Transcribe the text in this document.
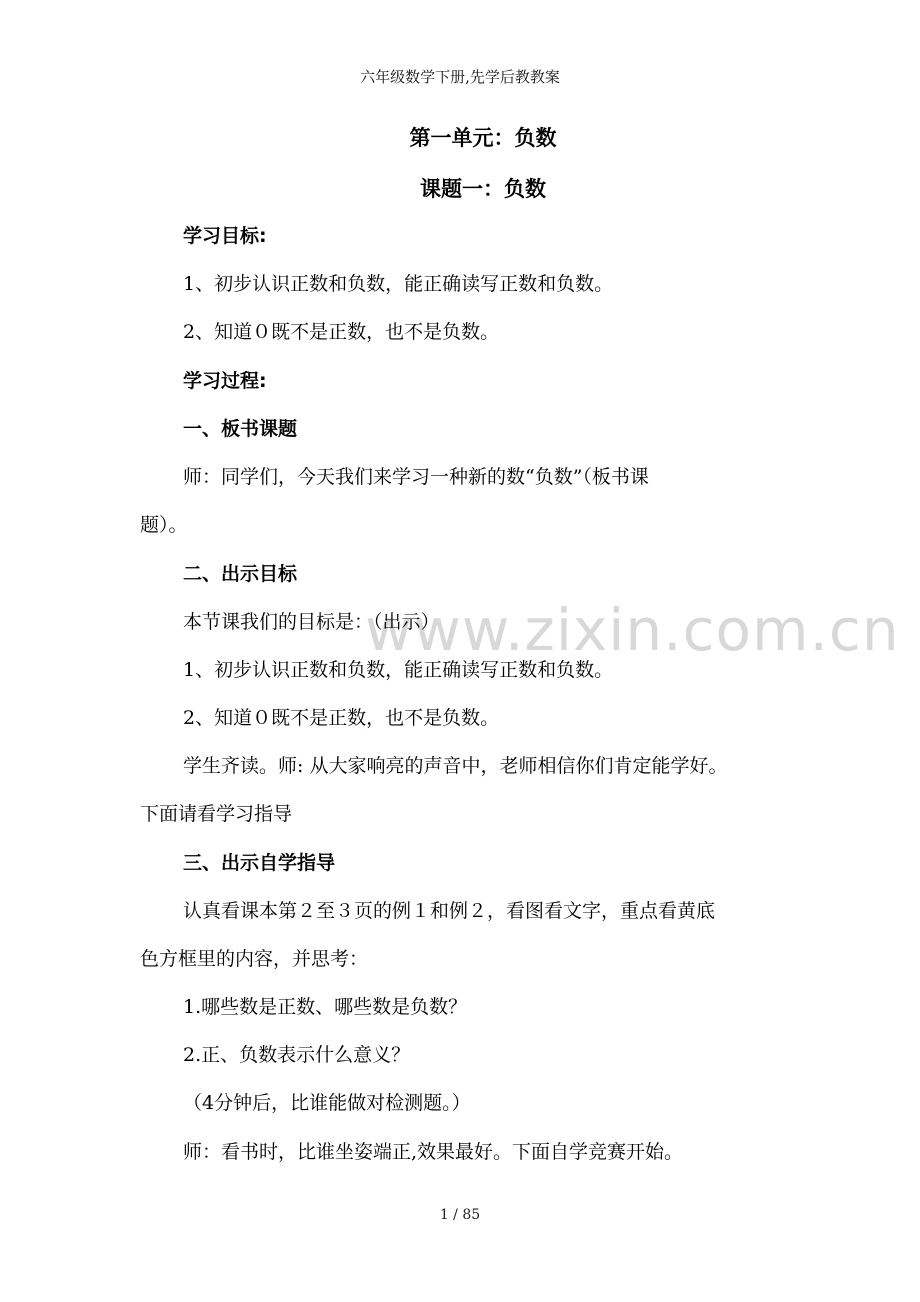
www.zixin.com.cn
六年级数学下册,先学后教教案
第一单元：负数
课题一：负数
学习目标:
1、初步认识正数和负数，能正确读写正数和负数。
2、知道０既不是正数，也不是负数。
学习过程:
一、板书课题
师：同学们，今天我们来学习一种新的数“负数”（板书课
题）。
二、出示目标
本节课我们的目标是：（出示）
1、初步认识正数和负数，能正确读写正数和负数。
2、知道０既不是正数，也不是负数。
学生齐读。师: 从大家响亮的声音中，老师相信你们肯定能学好。
下面请看学习指导
三、出示自学指导
认真看课本第２至３页的例１和例２，看图看文字，重点看黄底
色方框里的内容，并思考：
1.哪些数是正数、哪些数是负数？
2.正、负数表示什么意义？
（4分钟后，比谁能做对检测题。）
师：看书时，比谁坐姿端正,效果最好。下面自学竞赛开始。
1 / 85
